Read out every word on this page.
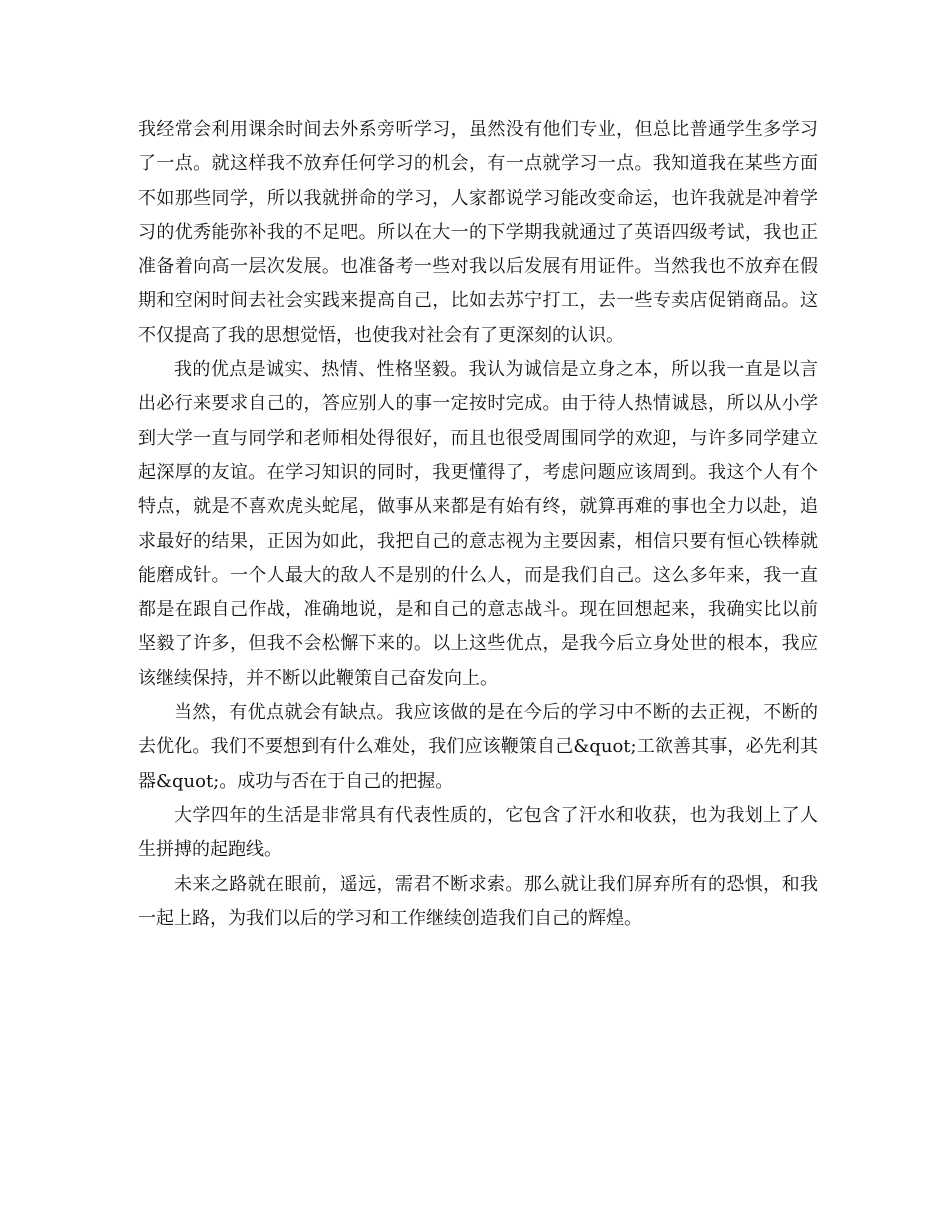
我经常会利用课余时间去外系旁听学习，虽然没有他们专业，但总比普通学生多学习了一点。就这样我不放弃任何学习的机会，有一点就学习一点。我知道我在某些方面不如那些同学，所以我就拼命的学习，人家都说学习能改变命运，也许我就是冲着学习的优秀能弥补我的不足吧。所以在大一的下学期我就通过了英语四级考试，我也正准备着向高一层次发展。也准备考一些对我以后发展有用证件。当然我也不放弃在假期和空闲时间去社会实践来提高自己，比如去苏宁打工，去一些专卖店促销商品。这不仅提高了我的思想觉悟，也使我对社会有了更深刻的认识。

我的优点是诚实、热情、性格坚毅。我认为诚信是立身之本，所以我一直是以言出必行来要求自己的，答应别人的事一定按时完成。由于待人热情诚恳，所以从小学到大学一直与同学和老师相处得很好，而且也很受周围同学的欢迎，与许多同学建立起深厚的友谊。在学习知识的同时，我更懂得了，考虑问题应该周到。我这个人有个特点，就是不喜欢虎头蛇尾，做事从来都是有始有终，就算再难的事也全力以赴，追求最好的结果，正因为如此，我把自己的意志视为主要因素，相信只要有恒心铁棒就能磨成针。一个人最大的敌人不是别的什么人，而是我们自己。这么多年来，我一直都是在跟自己作战，准确地说，是和自己的意志战斗。现在回想起来，我确实比以前坚毅了许多，但我不会松懈下来的。以上这些优点，是我今后立身处世的根本，我应该继续保持，并不断以此鞭策自己奋发向上。

当然，有优点就会有缺点。我应该做的是在今后的学习中不断的去正视，不断的去优化。我们不要想到有什么难处，我们应该鞭策自己&quot;工欲善其事，必先利其器&quot;。成功与否在于自己的把握。

大学四年的生活是非常具有代表性质的，它包含了汗水和收获，也为我划上了人生拼搏的起跑线。

未来之路就在眼前，遥远，需君不断求索。那么就让我们屏弃所有的恐惧，和我一起上路，为我们以后的学习和工作继续创造我们自己的辉煌。
